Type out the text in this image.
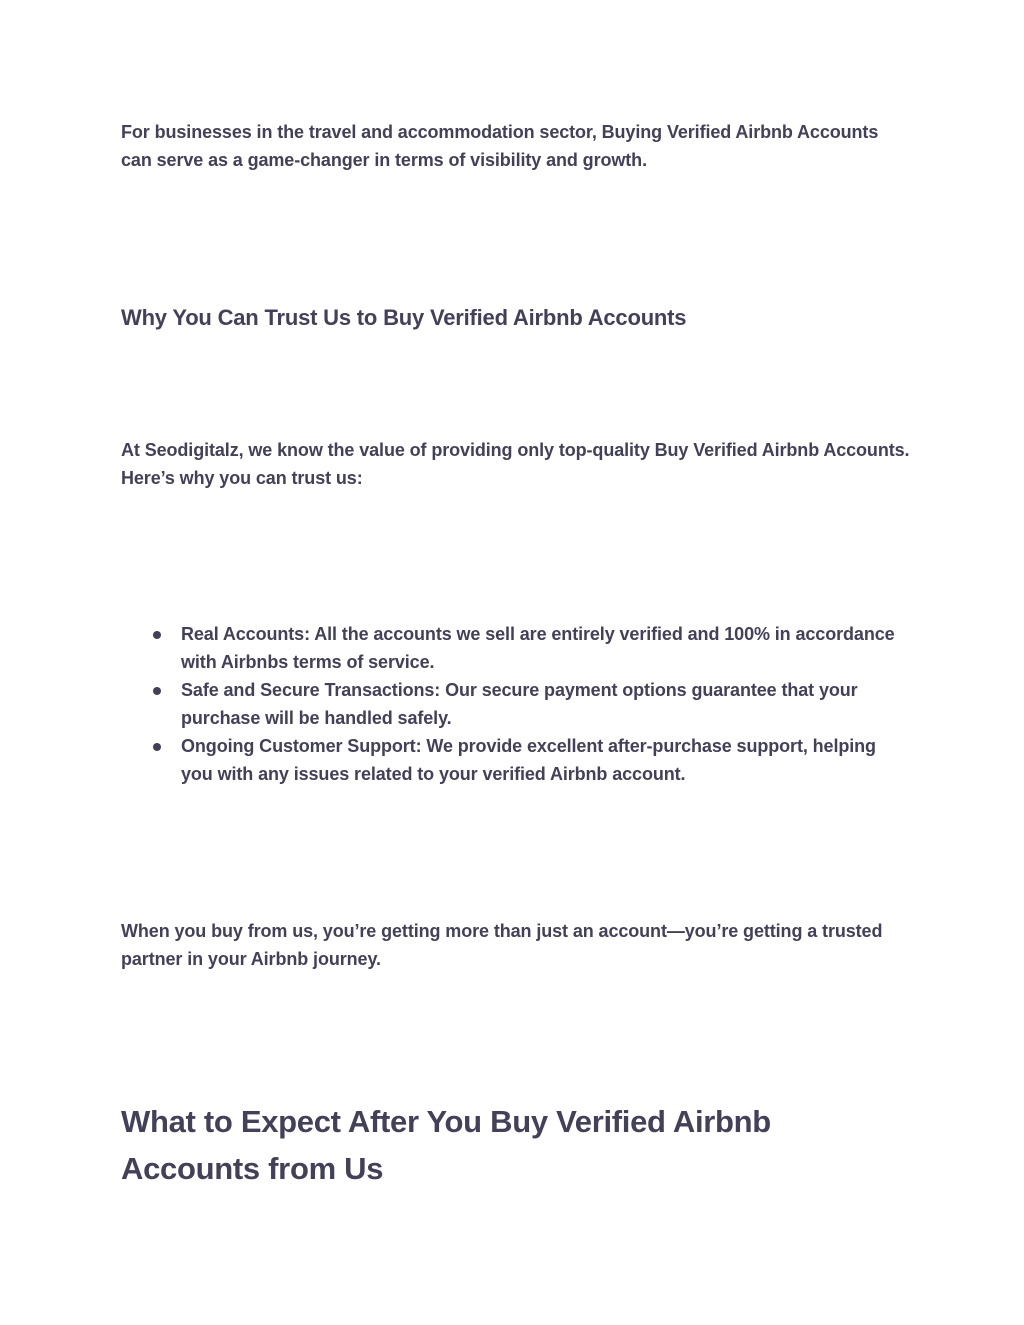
For businesses in the travel and accommodation sector, Buying Verified Airbnb Accounts can serve as a game-changer in terms of visibility and growth.

Why You Can Trust Us to Buy Verified Airbnb Accounts

At Seodigitalz, we know the value of providing only top-quality Buy Verified Airbnb Accounts. Here’s why you can trust us:

Real Accounts: All the accounts we sell are entirely verified and 100% in accordance with Airbnbs terms of service.
Safe and Secure Transactions: Our secure payment options guarantee that your purchase will be handled safely.
Ongoing Customer Support: We provide excellent after-purchase support, helping you with any issues related to your verified Airbnb account.

When you buy from us, you’re getting more than just an account—you’re getting a trusted partner in your Airbnb journey.

What to Expect After You Buy Verified Airbnb Accounts from Us
